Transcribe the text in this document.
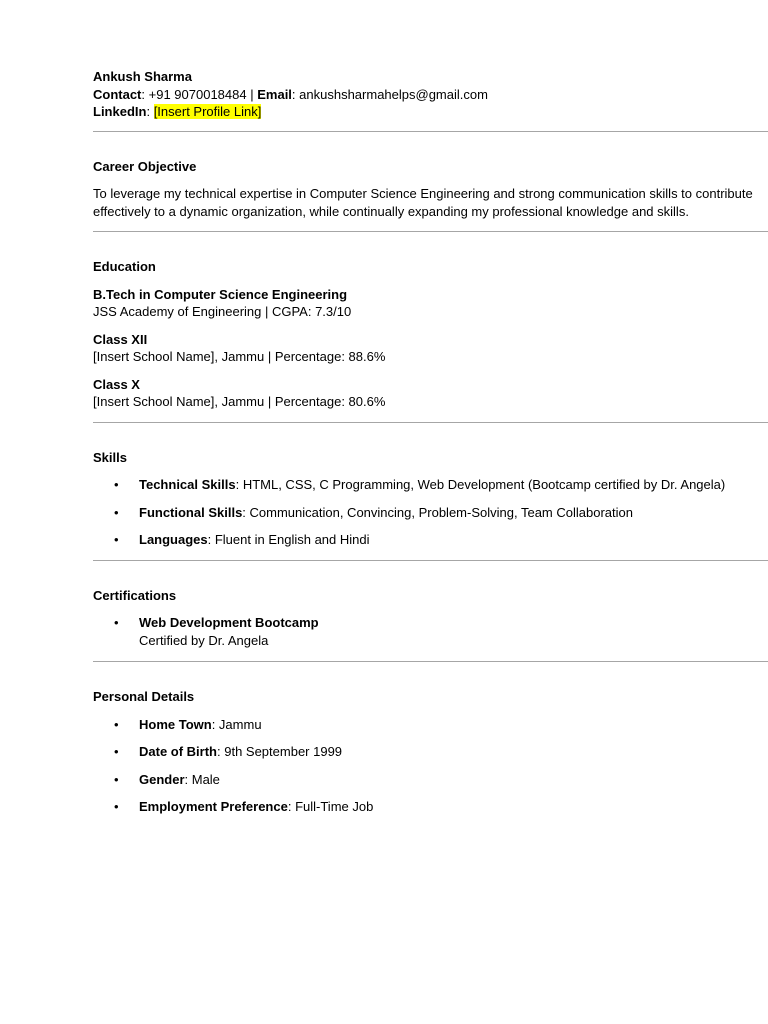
Ankush Sharma

Contact: +91 9070018484 | Email: ankushsharmahelps@gmail.com

LinkedIn: [Insert Profile Link]

Career Objective

To leverage my technical expertise in Computer Science Engineering and strong communication skills to contribute effectively to a dynamic organization, while continually expanding my professional knowledge and skills.

Education

B.Tech in Computer Science Engineering

JSS Academy of Engineering | CGPA: 7.3/10

Class XII

[Insert School Name], Jammu | Percentage: 88.6%

Class X

[Insert School Name], Jammu | Percentage: 80.6%

Skills

• Technical Skills: HTML, CSS, C Programming, Web Development (Bootcamp certified by Dr. Angela)
• Functional Skills: Communication, Convincing, Problem-Solving, Team Collaboration
• Languages: Fluent in English and Hindi

Certifications

• Web Development Bootcamp
Certified by Dr. Angela

Personal Details

• Home Town: Jammu
• Date of Birth: 9th September 1999
• Gender: Male
• Employment Preference: Full-Time Job
